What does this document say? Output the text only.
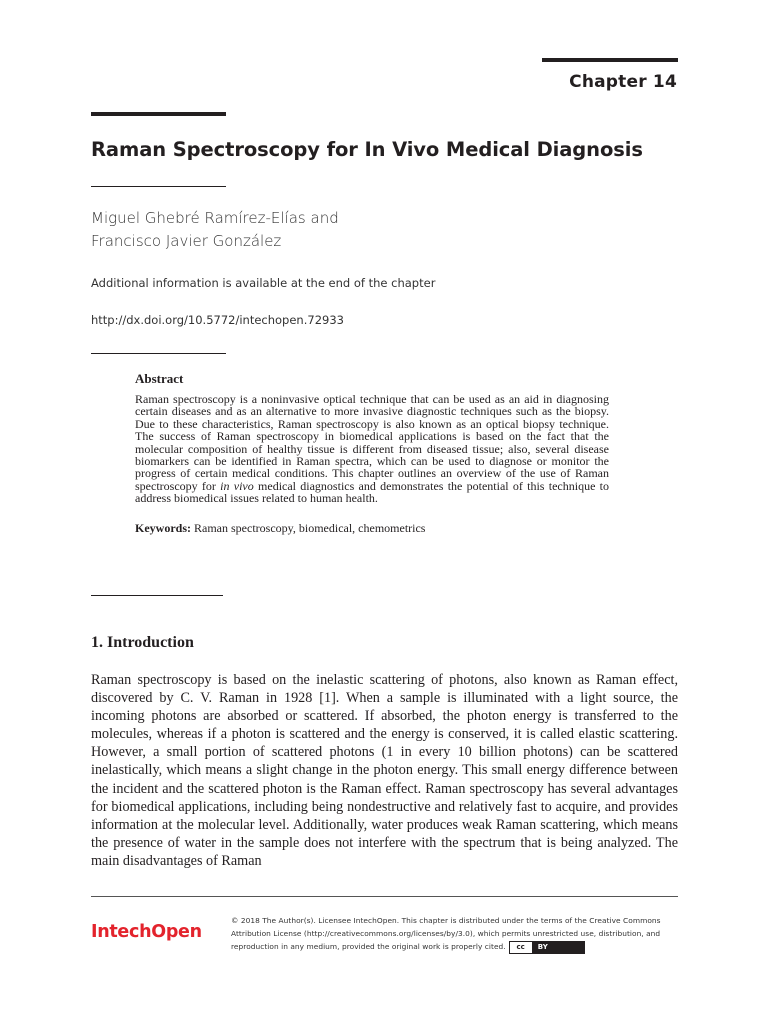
Chapter 14
Raman Spectroscopy for In Vivo Medical Diagnosis
Miguel Ghebré Ramírez-Elías and
Francisco Javier González
Additional information is available at the end of the chapter
http://dx.doi.org/10.5772/intechopen.72933
Abstract

Raman spectroscopy is a noninvasive optical technique that can be used as an aid in diagnosing certain diseases and as an alternative to more invasive diagnostic techniques such as the biopsy. Due to these characteristics, Raman spectroscopy is also known as an optical biopsy technique. The success of Raman spectroscopy in biomedical applications is based on the fact that the molecular composition of healthy tissue is different from diseased tissue; also, several disease biomarkers can be identified in Raman spectra, which can be used to diagnose or monitor the progress of certain medical conditions. This chapter outlines an overview of the use of Raman spectroscopy for in vivo medical diagnostics and demonstrates the potential of this technique to address biomedical issues related to human health.

Keywords: Raman spectroscopy, biomedical, chemometrics
1. Introduction

Raman spectroscopy is based on the inelastic scattering of photons, also known as Raman effect, discovered by C. V. Raman in 1928 [1]. When a sample is illuminated with a light source, the incoming photons are absorbed or scattered. If absorbed, the photon energy is transferred to the molecules, whereas if a photon is scattered and the energy is conserved, it is called elastic scattering. However, a small portion of scattered photons (1 in every 10 billion photons) can be scattered inelastically, which means a slight change in the photon energy. This small energy difference between the incident and the scattered photon is the Raman effect. Raman spectroscopy has several advantages for biomedical applications, including being nondestructive and relatively fast to acquire, and provides information at the molecular level. Additionally, water produces weak Raman scattering, which means the presence of water in the sample does not interfere with the spectrum that is being analyzed. The main disadvantages of Raman

IntechOpen
© 2018 The Author(s). Licensee IntechOpen. This chapter is distributed under the terms of the Creative Commons Attribution License (http://creativecommons.org/licenses/by/3.0), which permits unrestricted use, distribution, and reproduction in any medium, provided the original work is properly cited.	cc	BY
